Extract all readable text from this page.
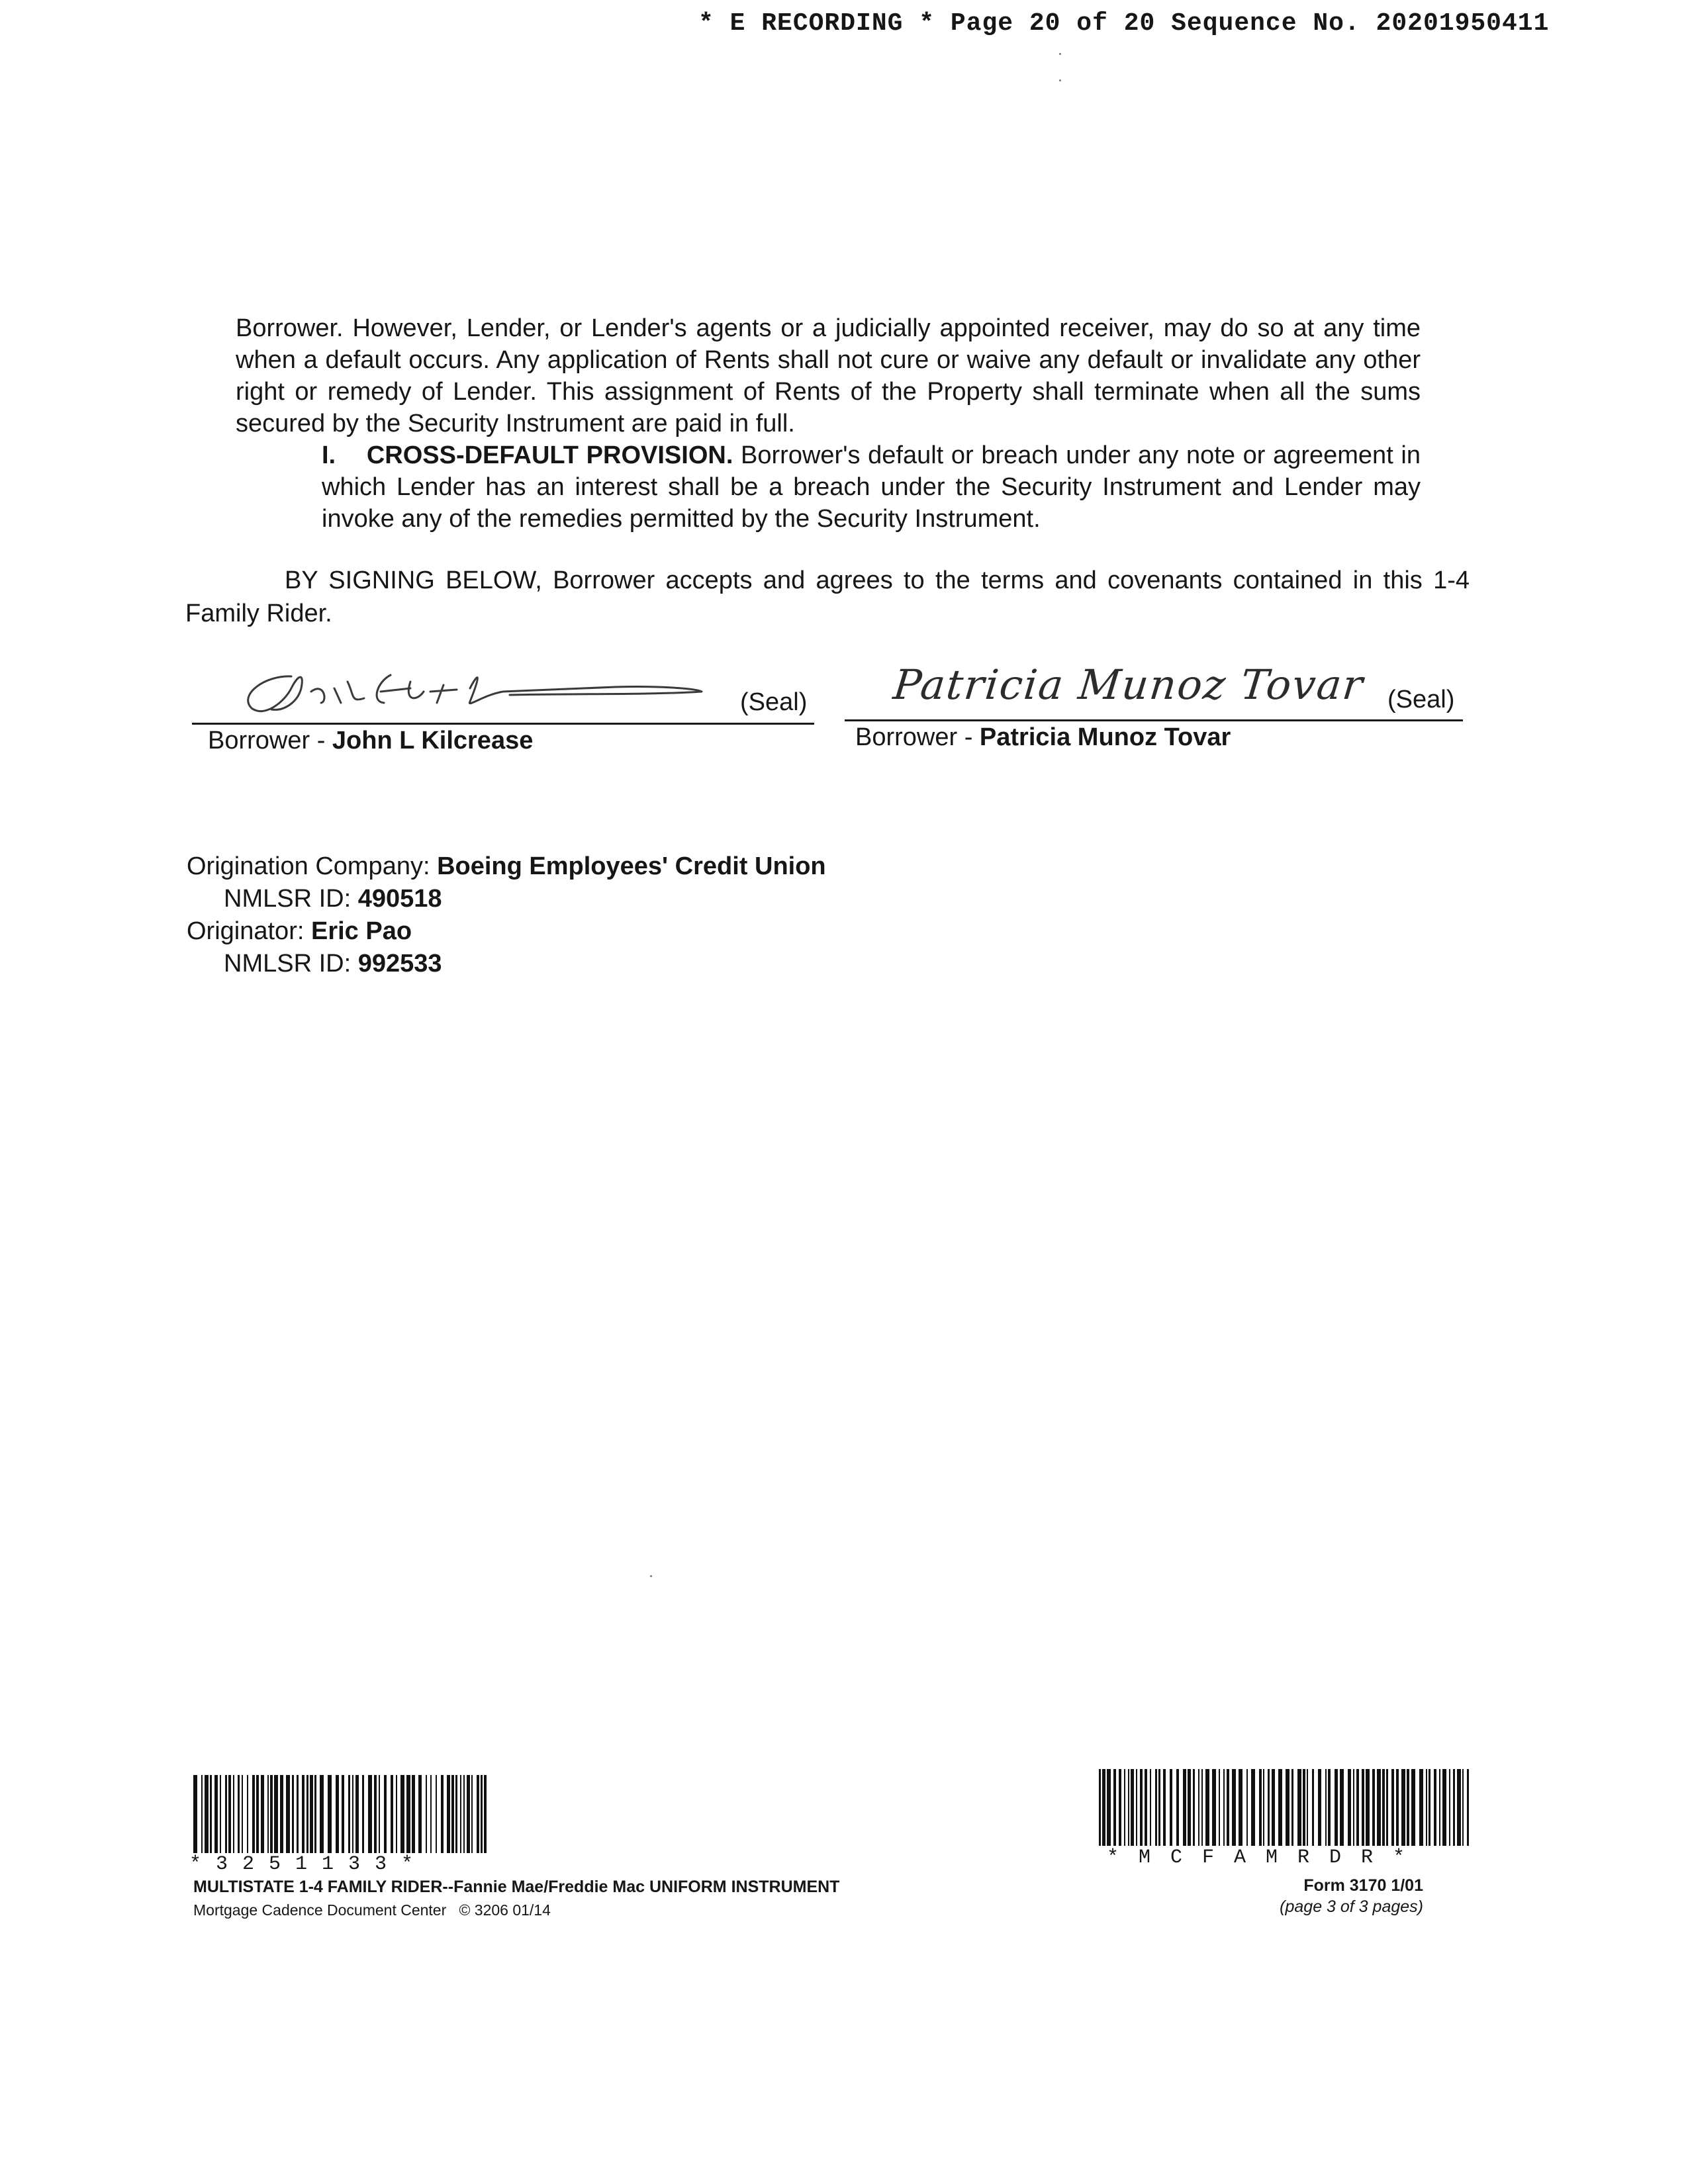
* E RECORDING * Page 20 of 20 Sequence No. 20201950411

Borrower. However, Lender, or Lender's agents or a judicially appointed receiver, may do so at any time when a default occurs. Any application of Rents shall not cure or waive any default or invalidate any other right or remedy of Lender. This assignment of Rents of the Property shall terminate when all the sums secured by the Security Instrument are paid in full.

I. CROSS-DEFAULT PROVISION. Borrower's default or breach under any note or agreement in which Lender has an interest shall be a breach under the Security Instrument and Lender may invoke any of the remedies permitted by the Security Instrument.

BY SIGNING BELOW, Borrower accepts and agrees to the terms and covenants contained in this 1-4 Family Rider.

(Seal)
Borrower - John L Kilcrease
Patricia Munoz Tovar (Seal)
Borrower - Patricia Munoz Tovar
Origination Company: Boeing Employees' Credit Union
NMLSR ID: 490518
Originator: Eric Pao
NMLSR ID: 992533
*3251133*	*MCFAMRDR*
MULTISTATE 1-4 FAMILY RIDER--Fannie Mae/Freddie Mac UNIFORM INSTRUMENT
Mortgage Cadence Document Center © 3206 01/14
Form 3170 1/01
(page 3 of 3 pages)
